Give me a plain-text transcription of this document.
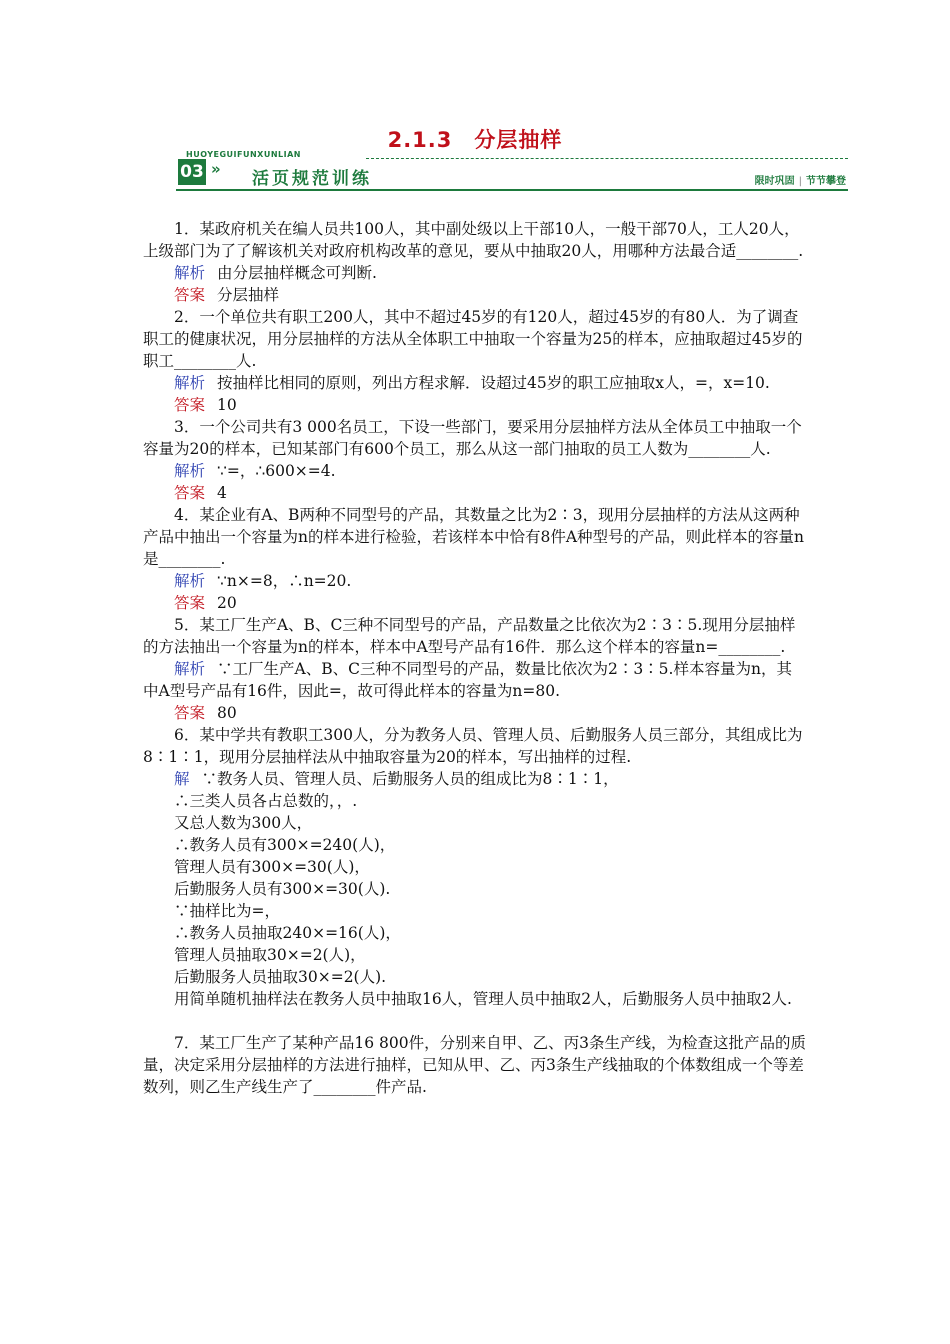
2.1.3　分层抽样
HUOYEGUIFUNXUNLIAN
03 » 活页规范训练	限时巩固 | 节节攀登

1．某政府机关在编人员共100人，其中副处级以上干部10人，一般干部70人，工人20人，上级部门为了了解该机关对政府机构改革的意见，要从中抽取20人，用哪种方法最合适________.

解析 由分层抽样概念可判断.

答案 分层抽样

2．一个单位共有职工200人，其中不超过45岁的有120人，超过45岁的有80人．为了调查职工的健康状况，用分层抽样的方法从全体职工中抽取一个容量为25的样本，应抽取超过45岁的职工________人.

解析 按抽样比相同的原则，列出方程求解．设超过45岁的职工应抽取x人，=，x=10.

答案 10

3．一个公司共有3 000名员工，下设一些部门，要采用分层抽样方法从全体员工中抽取一个容量为20的样本，已知某部门有600个员工，那么从这一部门抽取的员工人数为________人.

解析 ∵=，∴600×=4.

答案 4

4．某企业有A、B两种不同型号的产品，其数量之比为2∶3，现用分层抽样的方法从这两种产品中抽出一个容量为n的样本进行检验，若该样本中恰有8件A种型号的产品，则此样本的容量n是________.

解析 ∵n×=8，∴n=20.

答案 20

5．某工厂生产A、B、C三种不同型号的产品，产品数量之比依次为2∶3∶5.现用分层抽样的方法抽出一个容量为n的样本，样本中A型号产品有16件．那么这个样本的容量n=________.

解析 ∵工厂生产A、B、C三种不同型号的产品，数量比依次为2∶3∶5.样本容量为n，其中A型号产品有16件，因此=，故可得此样本的容量为n=80.

答案 80

6．某中学共有教职工300人，分为教务人员、管理人员、后勤服务人员三部分，其组成比为8∶1∶1，现用分层抽样法从中抽取容量为20的样本，写出抽样的过程.

解 ∵教务人员、管理人员、后勤服务人员的组成比为8∶1∶1，

∴三类人员各占总数的，，.

又总人数为300人，

∴教务人员有300×=240(人)，

管理人员有300×=30(人)，

后勤服务人员有300×=30(人).

∵抽样比为=，

∴教务人员抽取240×=16(人)，

管理人员抽取30×=2(人)，

后勤服务人员抽取30×=2(人).

用简单随机抽样法在教务人员中抽取16人，管理人员中抽取2人，后勤服务人员中抽取2人.

7．某工厂生产了某种产品16 800件，分别来自甲、乙、丙3条生产线，为检查这批产品的质量，决定采用分层抽样的方法进行抽样，已知从甲、乙、丙3条生产线抽取的个体数组成一个等差数列，则乙生产线生产了________件产品.
